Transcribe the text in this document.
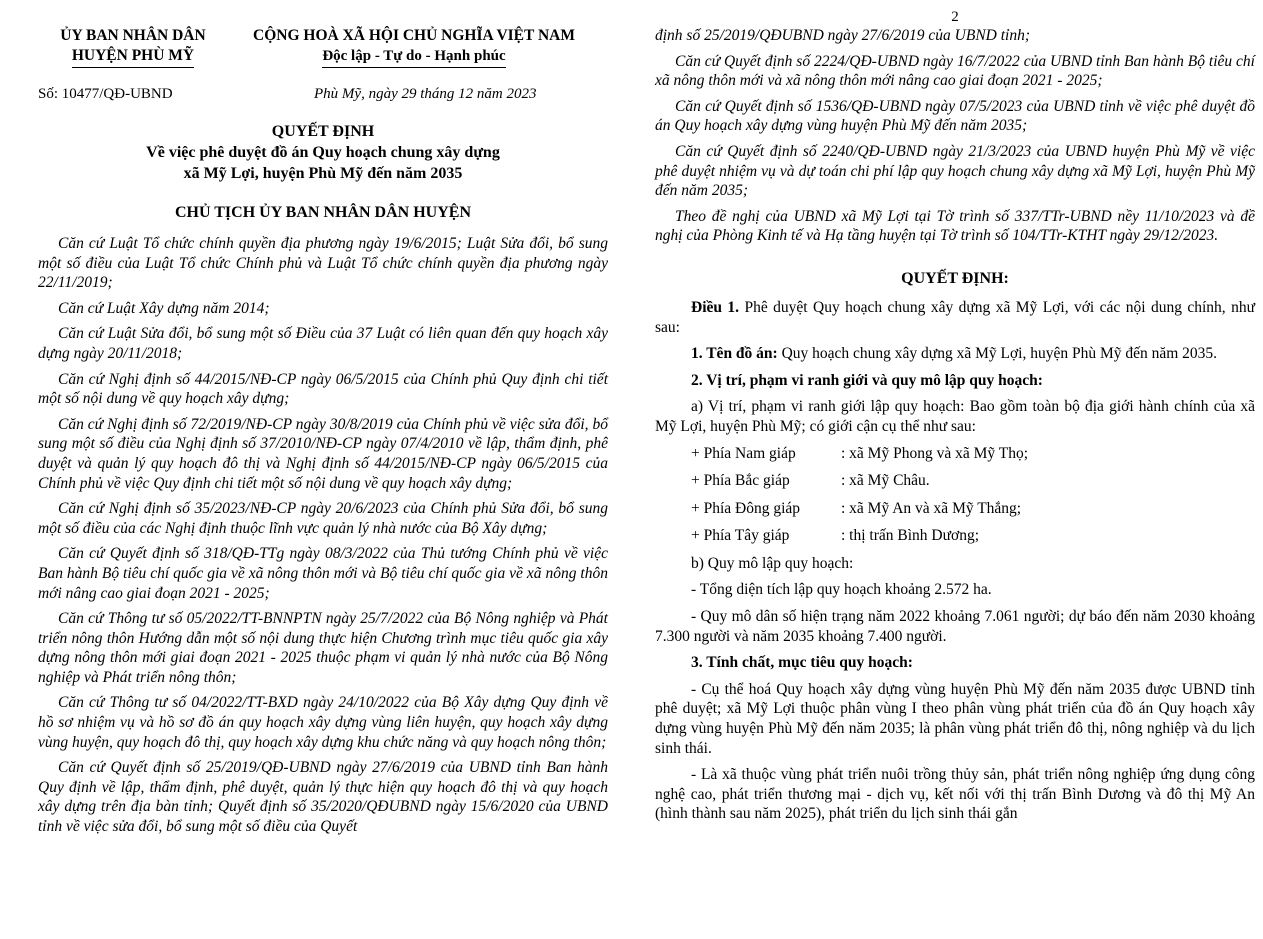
ỦY BAN NHÂN DÂN
HUYỆN PHÙ MỸ
CỘNG HOÀ XÃ HỘI CHỦ NGHĨA VIỆT NAM
Độc lập - Tự do - Hạnh phúc
Số: 10477/QĐ-UBND	Phù Mỹ, ngày 29 tháng 12 năm 2023
QUYẾT ĐỊNH
Về việc phê duyệt đồ án Quy hoạch chung xây dựng
xã Mỹ Lợi, huyện Phù Mỹ đến năm 2035
CHỦ TỊCH ỦY BAN NHÂN DÂN HUYỆN

Căn cứ Luật Tổ chức chính quyền địa phương ngày 19/6/2015; Luật Sửa đổi, bổ sung một số điều của Luật Tổ chức Chính phủ và Luật Tổ chức chính quyền địa phương ngày 22/11/2019;

Căn cứ Luật Xây dựng năm 2014;

Căn cứ Luật Sửa đổi, bổ sung một số Điều của 37 Luật có liên quan đến quy hoạch xây dựng ngày 20/11/2018;

Căn cứ Nghị định số 44/2015/NĐ-CP ngày 06/5/2015 của Chính phủ Quy định chi tiết một số nội dung về quy hoạch xây dựng;

Căn cứ Nghị định số 72/2019/NĐ-CP ngày 30/8/2019 của Chính phủ về việc sửa đổi, bổ sung một số điều của Nghị định số 37/2010/NĐ-CP ngày 07/4/2010 về lập, thẩm định, phê duyệt và quản lý quy hoạch đô thị và Nghị định số 44/2015/NĐ-CP ngày 06/5/2015 của Chính phủ về việc Quy định chi tiết một số nội dung về quy hoạch xây dựng;

Căn cứ Nghị định số 35/2023/NĐ-CP ngày 20/6/2023 của Chính phủ Sửa đổi, bổ sung một số điều của các Nghị định thuộc lĩnh vực quản lý nhà nước của Bộ Xây dựng;

Căn cứ Quyết định số 318/QĐ-TTg ngày 08/3/2022 của Thủ tướng Chính phủ về việc Ban hành Bộ tiêu chí quốc gia về xã nông thôn mới và Bộ tiêu chí quốc gia về xã nông thôn mới nâng cao giai đoạn 2021 - 2025;

Căn cứ Thông tư số 05/2022/TT-BNNPTN ngày 25/7/2022 của Bộ Nông nghiệp và Phát triển nông thôn Hướng dẫn một số nội dung thực hiện Chương trình mục tiêu quốc gia xây dựng nông thôn mới giai đoạn 2021 - 2025 thuộc phạm vi quản lý nhà nước của Bộ Nông nghiệp và Phát triển nông thôn;

Căn cứ Thông tư số 04/2022/TT-BXD ngày 24/10/2022 của Bộ Xây dựng Quy định về hồ sơ nhiệm vụ và hồ sơ đồ án quy hoạch xây dựng vùng liên huyện, quy hoạch xây dựng vùng huyện, quy hoạch đô thị, quy hoạch xây dựng khu chức năng và quy hoạch nông thôn;

Căn cứ Quyết định số 25/2019/QĐ-UBND ngày 27/6/2019 của UBND tỉnh Ban hành Quy định về lập, thẩm định, phê duyệt, quản lý thực hiện quy hoạch đô thị và quy hoạch xây dựng trên địa bàn tỉnh; Quyết định số 35/2020/QĐUBND ngày 15/6/2020 của UBND tỉnh về việc sửa đổi, bổ sung một số điều của Quyết

2

định số 25/2019/QĐUBND ngày 27/6/2019 của UBND tỉnh;

Căn cứ Quyết định số 2224/QĐ-UBND ngày 16/7/2022 của UBND tỉnh Ban hành Bộ tiêu chí xã nông thôn mới và xã nông thôn mới nâng cao giai đoạn 2021 - 2025;

Căn cứ Quyết định số 1536/QĐ-UBND ngày 07/5/2023 của UBND tỉnh về việc phê duyệt đồ án Quy hoạch xây dựng vùng huyện Phù Mỹ đến năm 2035;

Căn cứ Quyết định số 2240/QĐ-UBND ngày 21/3/2023 của UBND huyện Phù Mỹ về việc phê duyệt nhiệm vụ và dự toán chi phí lập quy hoạch chung xây dựng xã Mỹ Lợi, huyện Phù Mỹ đến năm 2035;

Theo đề nghị của UBND xã Mỹ Lợi tại Tờ trình số 337/TTr-UBND nềy 11/10/2023 và đề nghị của Phòng Kinh tế và Hạ tầng huyện tại Tờ trình số 104/TTr-KTHT ngày 29/12/2023.

QUYẾT ĐỊNH:

Điều 1. Phê duyệt Quy hoạch chung xây dựng xã Mỹ Lợi, với các nội dung chính, như sau:

1. Tên đồ án: Quy hoạch chung xây dựng xã Mỹ Lợi, huyện Phù Mỹ đến năm 2035.

2. Vị trí, phạm vi ranh giới và quy mô lập quy hoạch:

a) Vị trí, phạm vi ranh giới lập quy hoạch: Bao gồm toàn bộ địa giới hành chính của xã Mỹ Lợi, huyện Phù Mỹ; có giới cận cụ thể như sau:

+ Phía Nam giáp	: xã Mỹ Phong và xã Mỹ Thọ;
+ Phía Bắc giáp	: xã Mỹ Châu.
+ Phía Đông giáp	: xã Mỹ An và xã Mỹ Thắng;
+ Phía Tây giáp	: thị trấn Bình Dương;

b) Quy mô lập quy hoạch:

- Tổng diện tích lập quy hoạch khoảng 2.572 ha.

- Quy mô dân số hiện trạng năm 2022 khoảng 7.061 người; dự báo đến năm 2030 khoảng 7.300 người và năm 2035 khoảng 7.400 người.

3. Tính chất, mục tiêu quy hoạch:

- Cụ thể hoá Quy hoạch xây dựng vùng huyện Phù Mỹ đến năm 2035 được UBND tỉnh phê duyệt; xã Mỹ Lợi thuộc phân vùng I theo phân vùng phát triển của đồ án Quy hoạch xây dựng vùng huyện Phù Mỹ đến năm 2035; là phân vùng phát triển đô thị, nông nghiệp và du lịch sinh thái.

- Là xã thuộc vùng phát triển nuôi trồng thủy sản, phát triển nông nghiệp ứng dụng công nghệ cao, phát triển thương mại - dịch vụ, kết nối với thị trấn Bình Dương và đô thị Mỹ An (hình thành sau năm 2025), phát triển du lịch sinh thái gắn
